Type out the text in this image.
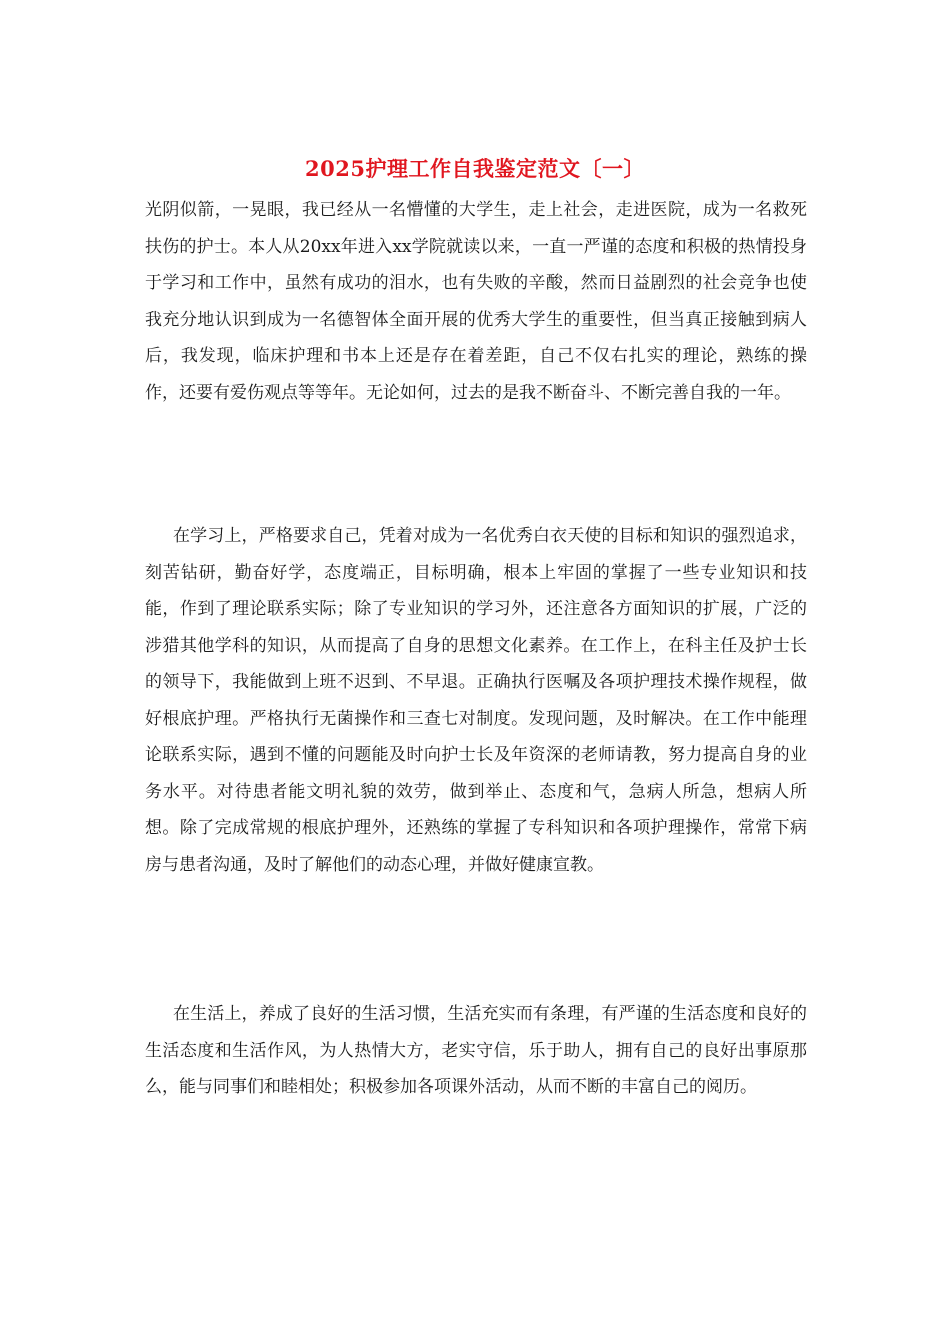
2025护理工作自我鉴定范文〔一〕

光阴似箭，一晃眼，我已经从一名懵懂的大学生，走上社会，走进医院，成为一名救死扶伤的护士。本人从20xx年进入xx学院就读以来，一直一严谨的态度和积极的热情投身于学习和工作中，虽然有成功的泪水，也有失败的辛酸，然而日益剧烈的社会竞争也使我充分地认识到成为一名德智体全面开展的优秀大学生的重要性，但当真正接触到病人后，我发现，临床护理和书本上还是存在着差距，自己不仅右扎实的理论，熟练的操作，还要有爱伤观点等等年。无论如何，过去的是我不断奋斗、不断完善自我的一年。

在学习上，严格要求自己，凭着对成为一名优秀白衣天使的目标和知识的强烈追求，刻苦钻研，勤奋好学，态度端正，目标明确，根本上牢固的掌握了一些专业知识和技能，作到了理论联系实际；除了专业知识的学习外，还注意各方面知识的扩展，广泛的涉猎其他学科的知识，从而提高了自身的思想文化素养。在工作上，在科主任及护士长的领导下，我能做到上班不迟到、不早退。正确执行医嘱及各项护理技术操作规程，做好根底护理。严格执行无菌操作和三查七对制度。发现问题，及时解决。在工作中能理论联系实际，遇到不懂的问题能及时向护士长及年资深的老师请教，努力提高自身的业务水平。对待患者能文明礼貌的效劳，做到举止、态度和气，急病人所急，想病人所想。除了完成常规的根底护理外，还熟练的掌握了专科知识和各项护理操作，常常下病房与患者沟通，及时了解他们的动态心理，并做好健康宣教。

在生活上，养成了良好的生活习惯，生活充实而有条理，有严谨的生活态度和良好的生活态度和生活作风，为人热情大方，老实守信，乐于助人，拥有自己的良好出事原那么，能与同事们和睦相处；积极参加各项课外活动，从而不断的丰富自己的阅历。
